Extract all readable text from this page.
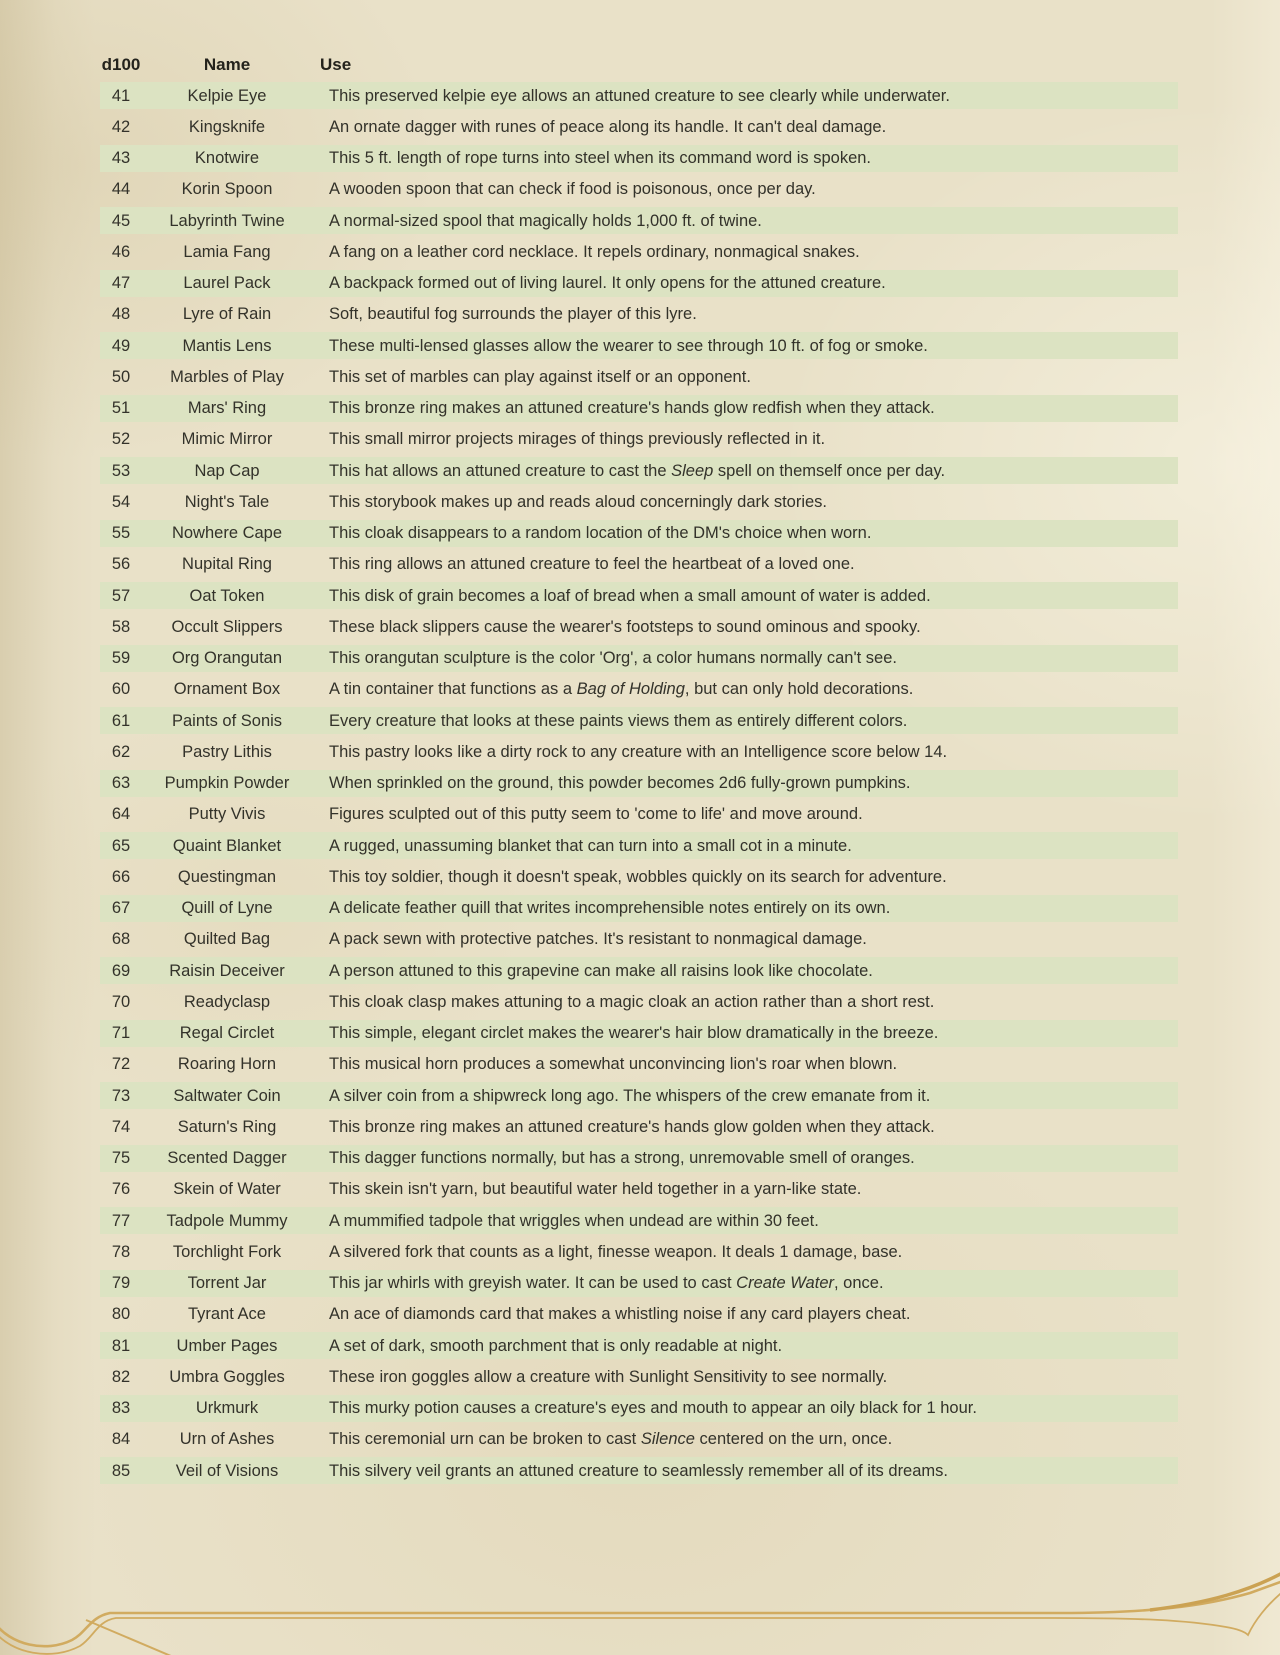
d100	Name	Use
41	Kelpie Eye	This preserved kelpie eye allows an attuned creature to see clearly while underwater.
42	Kingsknife	An ornate dagger with runes of peace along its handle. It can't deal damage.
43	Knotwire	This 5 ft. length of rope turns into steel when its command word is spoken.
44	Korin Spoon	A wooden spoon that can check if food is poisonous, once per day.
45	Labyrinth Twine	A normal-sized spool that magically holds 1,000 ft. of twine.
46	Lamia Fang	A fang on a leather cord necklace. It repels ordinary, nonmagical snakes.
47	Laurel Pack	A backpack formed out of living laurel. It only opens for the attuned creature.
48	Lyre of Rain	Soft, beautiful fog surrounds the player of this lyre.
49	Mantis Lens	These multi-lensed glasses allow the wearer to see through 10 ft. of fog or smoke.
50	Marbles of Play	This set of marbles can play against itself or an opponent.
51	Mars' Ring	This bronze ring makes an attuned creature's hands glow redfish when they attack.
52	Mimic Mirror	This small mirror projects mirages of things previously reflected in it.
53	Nap Cap	This hat allows an attuned creature to cast the Sleep spell on themself once per day.
54	Night's Tale	This storybook makes up and reads aloud concerningly dark stories.
55	Nowhere Cape	This cloak disappears to a random location of the DM's choice when worn.
56	Nupital Ring	This ring allows an attuned creature to feel the heartbeat of a loved one.
57	Oat Token	This disk of grain becomes a loaf of bread when a small amount of water is added.
58	Occult Slippers	These black slippers cause the wearer's footsteps to sound ominous and spooky.
59	Org Orangutan	This orangutan sculpture is the color 'Org', a color humans normally can't see.
60	Ornament Box	A tin container that functions as a Bag of Holding, but can only hold decorations.
61	Paints of Sonis	Every creature that looks at these paints views them as entirely different colors.
62	Pastry Lithis	This pastry looks like a dirty rock to any creature with an Intelligence score below 14.
63	Pumpkin Powder	When sprinkled on the ground, this powder becomes 2d6 fully-grown pumpkins.
64	Putty Vivis	Figures sculpted out of this putty seem to 'come to life' and move around.
65	Quaint Blanket	A rugged, unassuming blanket that can turn into a small cot in a minute.
66	Questingman	This toy soldier, though it doesn't speak, wobbles quickly on its search for adventure.
67	Quill of Lyne	A delicate feather quill that writes incomprehensible notes entirely on its own.
68	Quilted Bag	A pack sewn with protective patches. It's resistant to nonmagical damage.
69	Raisin Deceiver	A person attuned to this grapevine can make all raisins look like chocolate.
70	Readyclasp	This cloak clasp makes attuning to a magic cloak an action rather than a short rest.
71	Regal Circlet	This simple, elegant circlet makes the wearer's hair blow dramatically in the breeze.
72	Roaring Horn	This musical horn produces a somewhat unconvincing lion's roar when blown.
73	Saltwater Coin	A silver coin from a shipwreck long ago. The whispers of the crew emanate from it.
74	Saturn's Ring	This bronze ring makes an attuned creature's hands glow golden when they attack.
75	Scented Dagger	This dagger functions normally, but has a strong, unremovable smell of oranges.
76	Skein of Water	This skein isn't yarn, but beautiful water held together in a yarn-like state.
77	Tadpole Mummy	A mummified tadpole that wriggles when undead are within 30 feet.
78	Torchlight Fork	A silvered fork that counts as a light, finesse weapon. It deals 1 damage, base.
79	Torrent Jar	This jar whirls with greyish water. It can be used to cast Create Water, once.
80	Tyrant Ace	An ace of diamonds card that makes a whistling noise if any card players cheat.
81	Umber Pages	A set of dark, smooth parchment that is only readable at night.
82	Umbra Goggles	These iron goggles allow a creature with Sunlight Sensitivity to see normally.
83	Urkmurk	This murky potion causes a creature's eyes and mouth to appear an oily black for 1 hour.
84	Urn of Ashes	This ceremonial urn can be broken to cast Silence centered on the urn, once.
85	Veil of Visions	This silvery veil grants an attuned creature to seamlessly remember all of its dreams.
